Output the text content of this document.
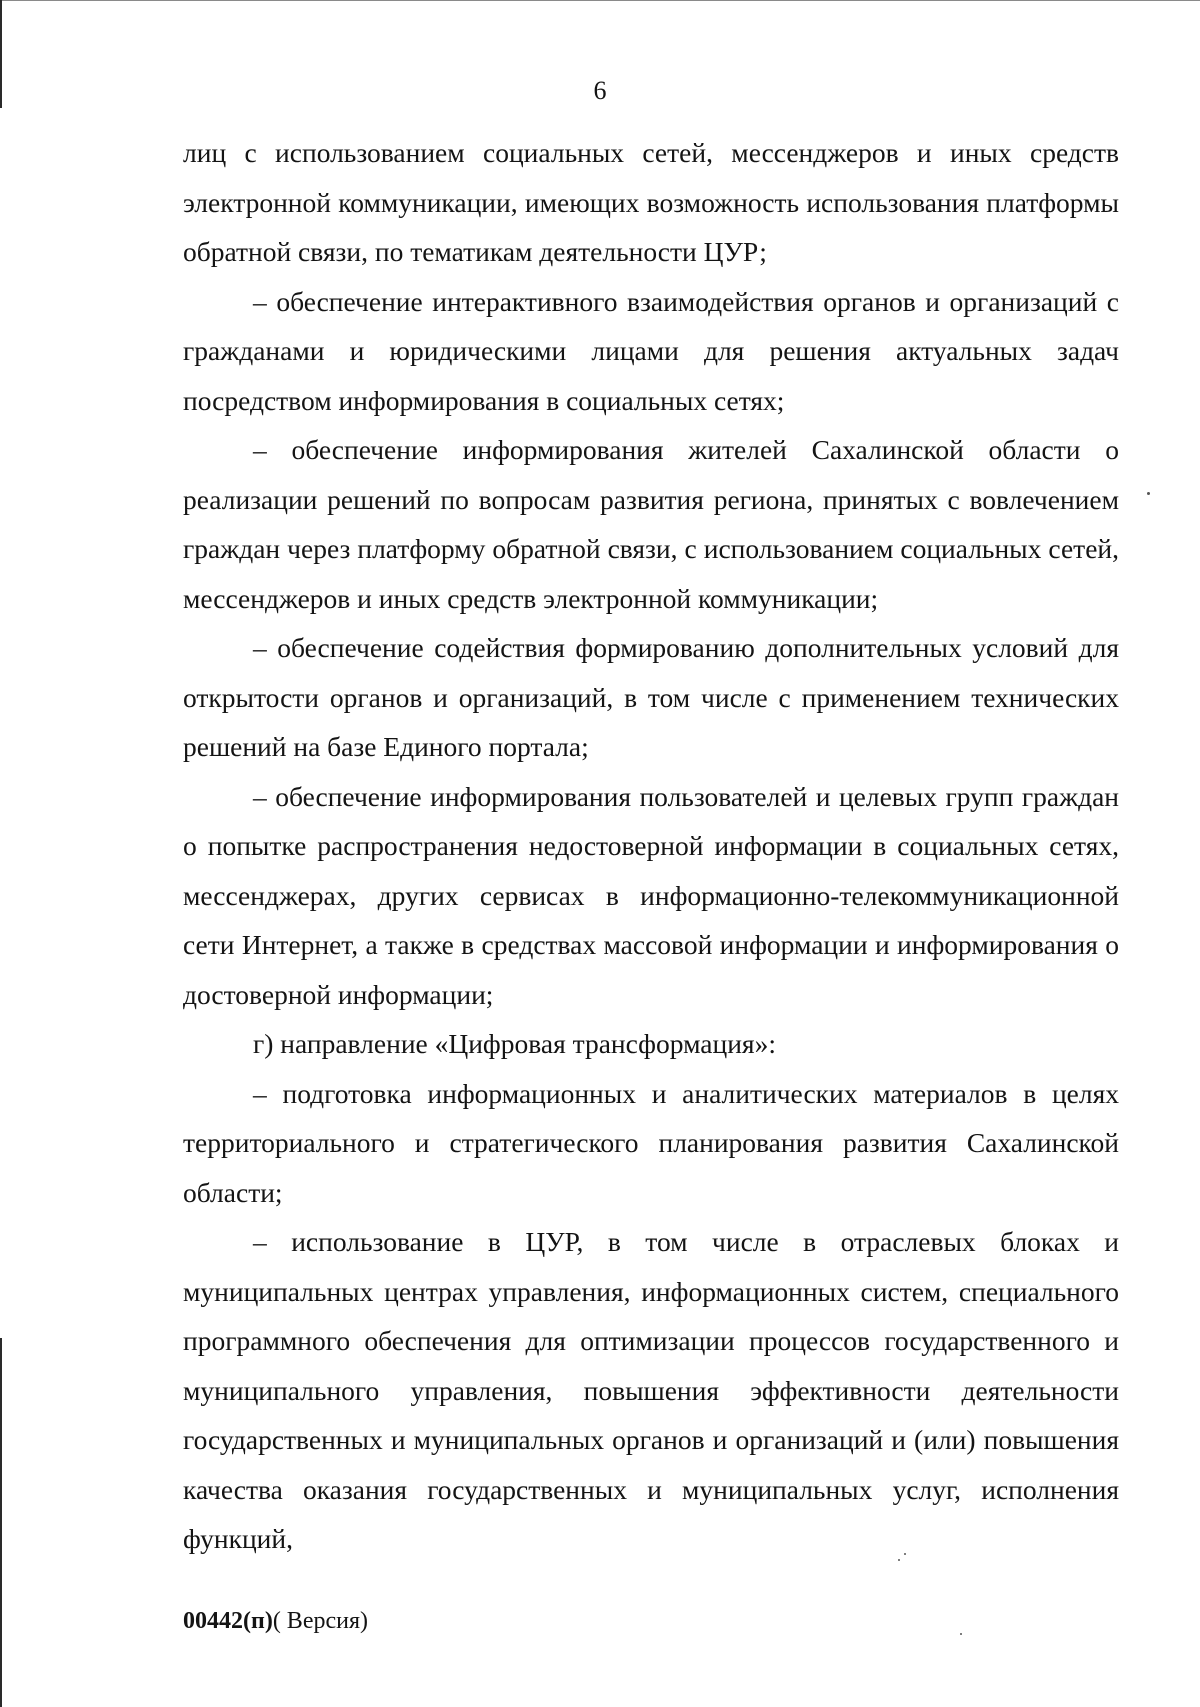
6

лиц с использованием социальных сетей, мессенджеров и иных средств электронной коммуникации, имеющих возможность использования платформы обратной связи, по тематикам деятельности ЦУР;

– обеспечение интерактивного взаимодействия органов и организаций с гражданами и юридическими лицами для решения актуальных задач посредством информирования в социальных сетях;

– обеспечение информирования жителей Сахалинской области о реализации решений по вопросам развития региона, принятых с вовлечением граждан через платформу обратной связи, с использованием социальных сетей, мессенджеров и иных средств электронной коммуникации;

– обеспечение содействия формированию дополнительных условий для открытости органов и организаций, в том числе с применением технических решений на базе Единого портала;

– обеспечение информирования пользователей и целевых групп граждан о попытке распространения недостоверной информации в социальных сетях, мессенджерах, других сервисах в информационно-телекоммуникационной сети Интернет, а также в средствах массовой информации и информирования о достоверной информации;

г) направление «Цифровая трансформация»:

– подготовка информационных и аналитических материалов в целях территориального и стратегического планирования развития Сахалинской области;

– использование в ЦУР, в том числе в отраслевых блоках и муниципальных центрах управления, информационных систем, специального программного обеспечения для оптимизации процессов государственного и муниципального управления, повышения эффективности деятельности государственных и муниципальных органов и организаций и (или) повышения качества оказания государственных и муниципальных услуг, исполнения функций,

00442(п)( Версия)
